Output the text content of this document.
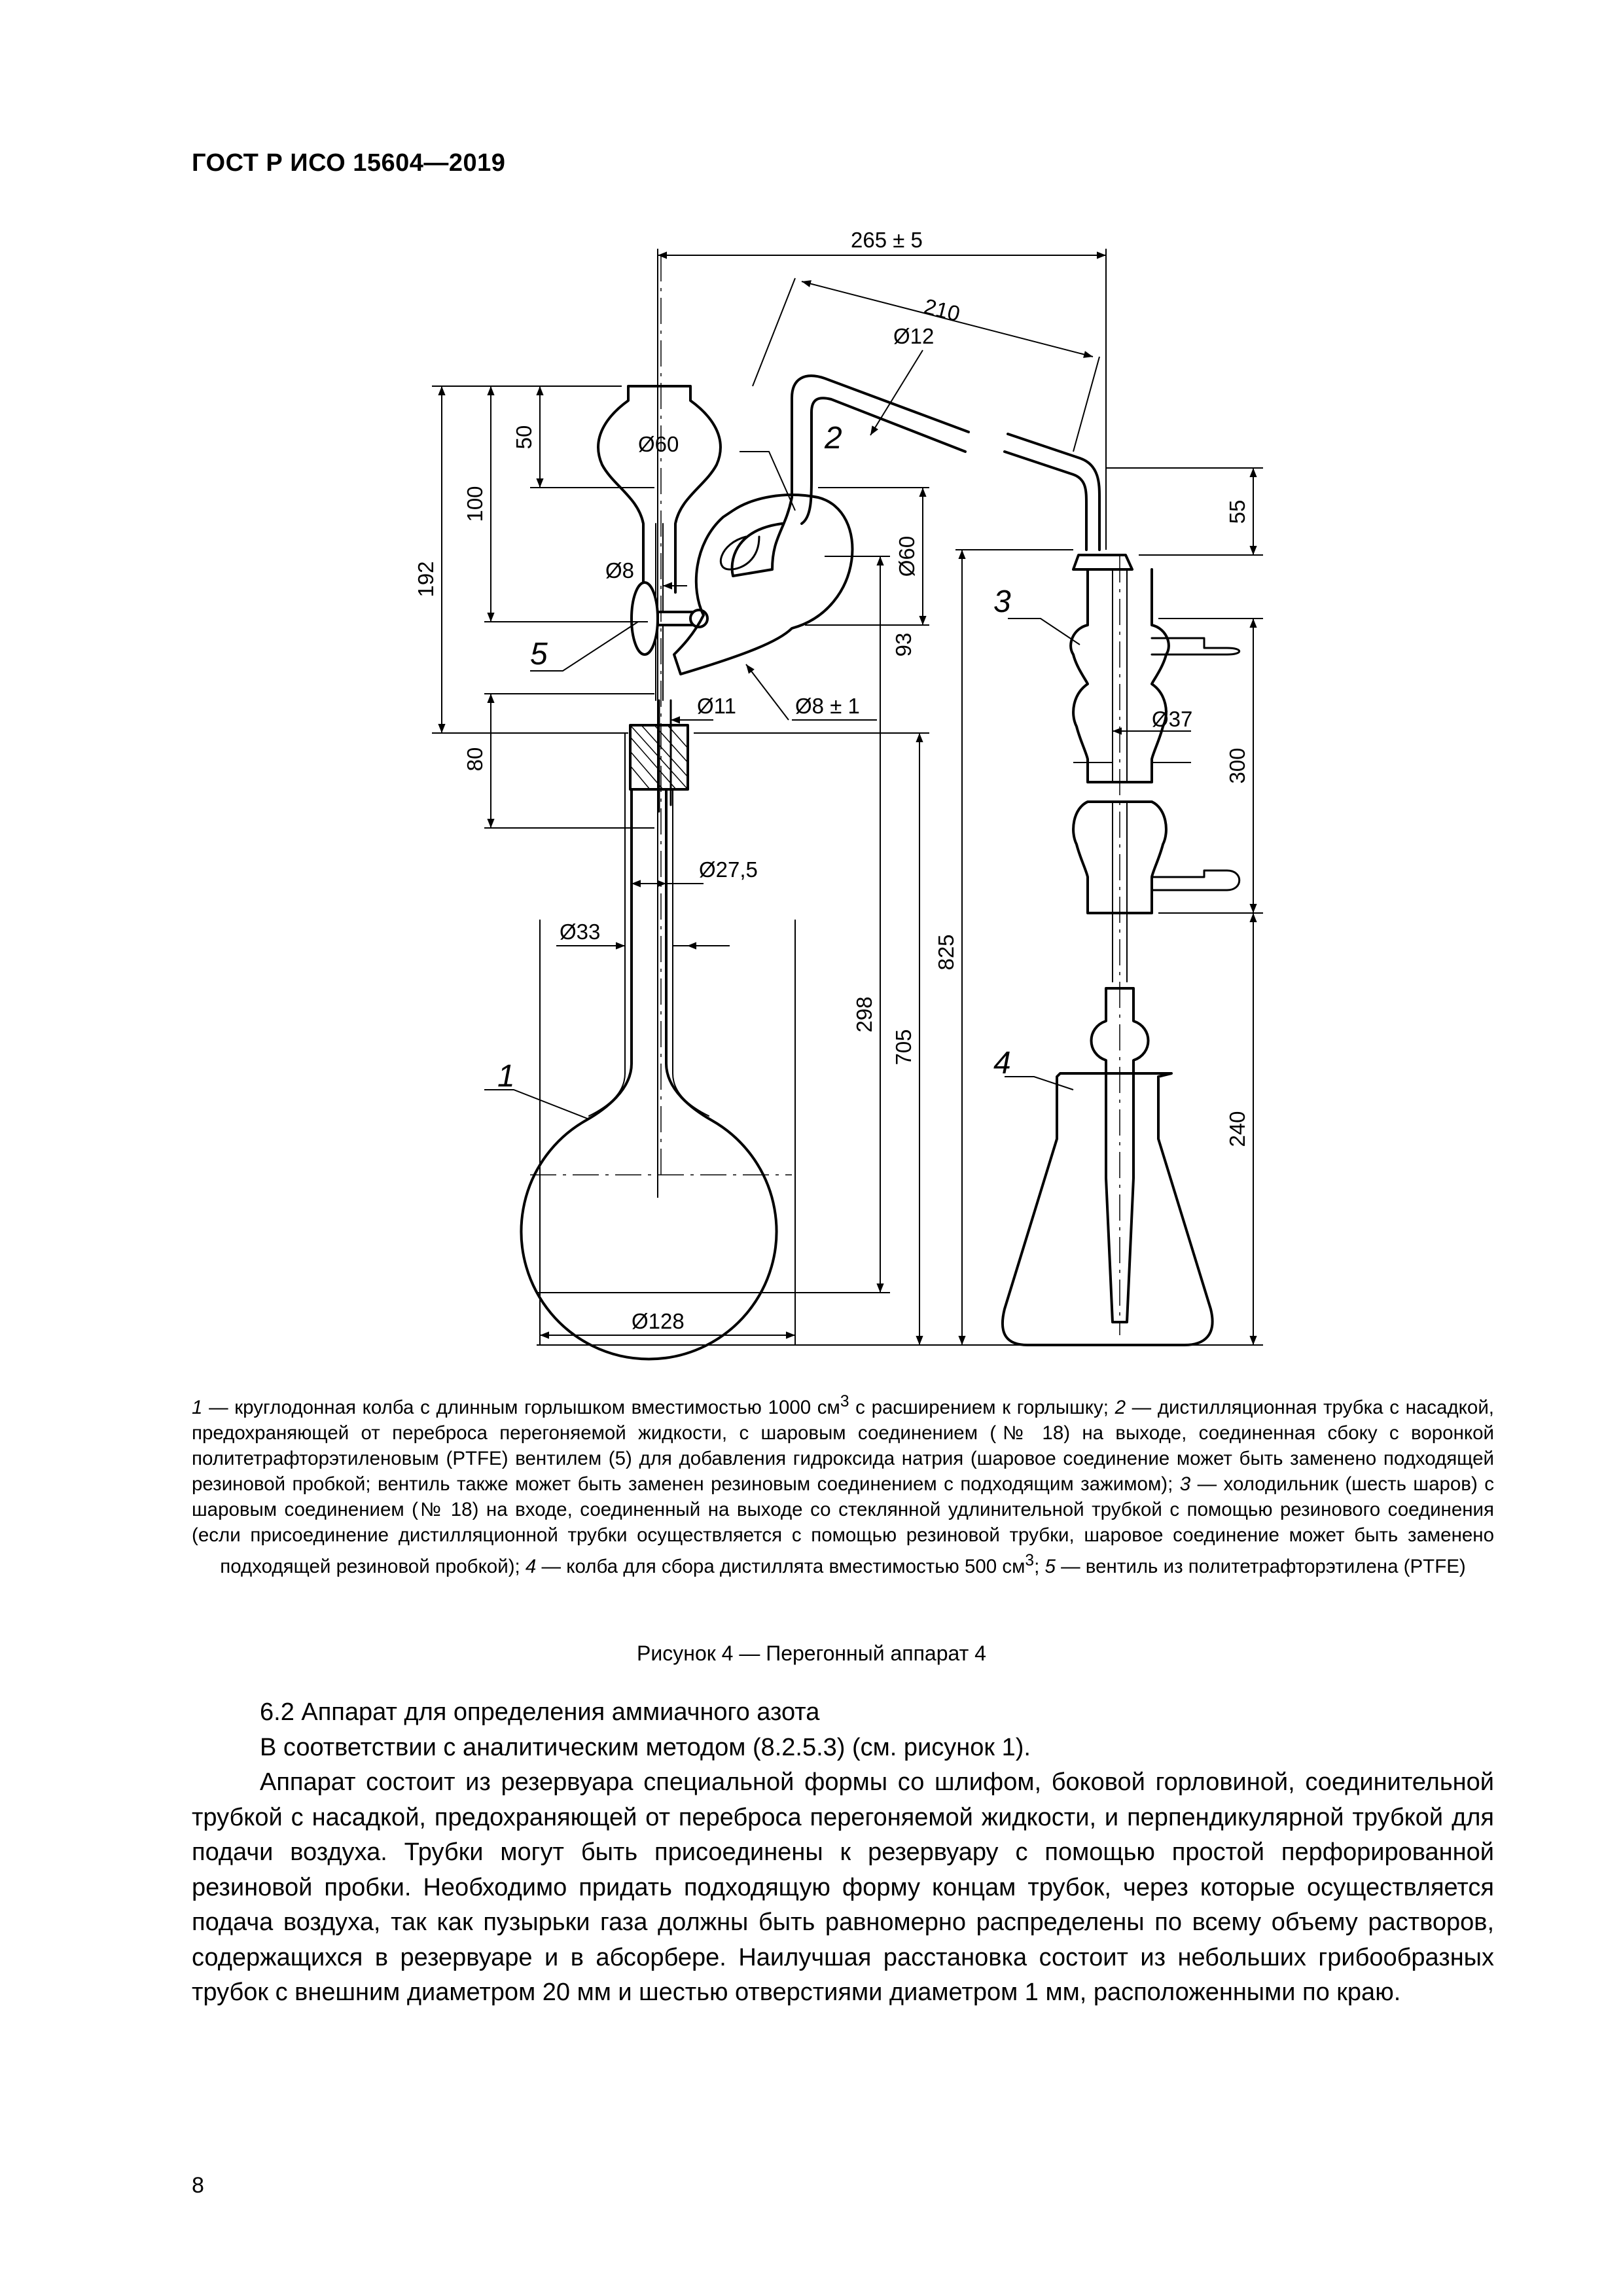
ГОСТ Р ИСО 15604—2019
265 ± 5
210
Ø12
Ø60
Ø8
Ø11	Ø8 ± 1
Ø37
Ø27,5
Ø33
Ø128
192
100
50
80
Ø60
93
298
705
825
55
300
240
2
3
4
1
5
1 — круглодонная колба с длинным горлышком вместимостью 1000 $см^3$ с расширением к горлышку; 2 — дистилляционная трубка с насадкой, предохраняющей от переброса перегоняемой жидкости, с шаровым соединением (№ 18) на выходе, соединенная сбоку с воронкой политетрафторэтиленовым (PTFE) вентилем (5) для добавления гидроксида натрия (шаровое соединение может быть заменено подходящей резиновой пробкой; вентиль также может быть заменен резиновым соединением с подходящим зажимом); 3 — холодильник (шесть шаров) с шаровым соединением (№ 18) на входе, соединенный на выходе со стеклянной удлинительной трубкой с помощью резинового соединения (если присоединение дистилляционной трубки осуществляется с помощью резиновой трубки, шаровое соединение может быть заменено подходящей резиновой пробкой); 4 — колба для сбора дистиллята вместимостью 500 $см^3$; 5 — вентиль из политетрафторэтилена (PTFE)
Рисунок 4 — Перегонный аппарат 4

6.2 Аппарат для определения аммиачного азота

В соответствии с аналитическим методом (8.2.5.3) (см. рисунок 1).

Аппарат состоит из резервуара специальной формы со шлифом, боковой горловиной, соединительной трубкой с насадкой, предохраняющей от переброса перегоняемой жидкости, и перпендикулярной трубкой для подачи воздуха. Трубки могут быть присоединены к резервуару с помощью простой перфорированной резиновой пробки. Необходимо придать подходящую форму концам трубок, через которые осуществляется подача воздуха, так как пузырьки газа должны быть равномерно распределены по всему объему растворов, содержащихся в резервуаре и в абсорбере. Наилучшая расстановка состоит из небольших грибообразных трубок с внешним диаметром 20 мм и шестью отверстиями диаметром 1 мм, расположенными по краю.

8
